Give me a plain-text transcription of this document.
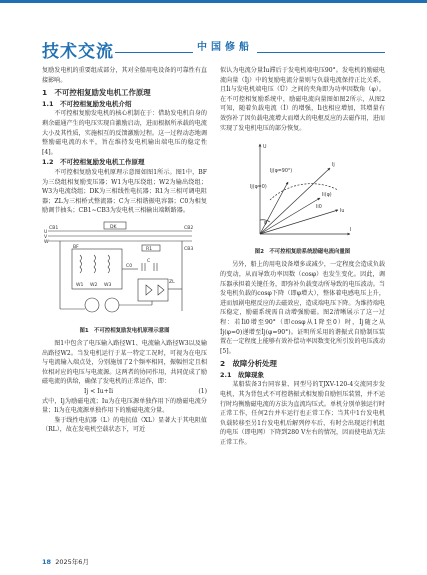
技术交流	中国修船

复励发电机的重要组成部分，其对全船用电设备的可靠性有直接影响。

1　不可控相复励发电机工作原理
1.1　不可控相复励发电机介绍

不可控相复励发电机的核心机制在于：借助发电机自身的剩余磁通产生的电压实现自激励启动，进而根据所承载的电流大小及其性质，实施相互的反馈激励过程。这一过程动态地调整励磁电流的水平，旨在维持发电机输出端电压的稳定性 [4]。

1.2　不可控相复励发电机工作原理

不可控相复励发电机原理示意图如图1所示。图1中，BF为三绕组相复励变压器；W1为电压绕组；W2为输出绕组；W3为电流绕组；DK为三相线性电抗器；R1为三相可调电阻器；ZL为三相桥式整流器；C为三相谐振电容器；C0为相复励调节抽头；CB1~CB3为发电机三相输出端断路器。

DK
R1
BF
W1 W2 W3
ZL
C
CB1	CB2
CB3
C0
U
V
W
图1　不可控相复励发电机原理示意图

图1中包含了电压输入路径W1、电流输入路径W3以及输出路径W2。当发电机运行于某一特定工况时，可视为在电压与电流输入端点处，分别施加了2个频率相同，振幅恒定且相位相对应的电压与电流源。这两者的协同作用，共同促成了励磁电流的供给，确保了发电机的正常运作，即：

Ij < Iu+Ii	(1)

式中，Ij为励磁电流；Iu为在电压源单独作用下的励磁电流分量；Ii为在电流源单独作用下的励磁电流分量。

鉴于线性电抗器（L）的电抗值（XL）显著大于其电阻值（RL），故在发电机空载状态下，可近

似认为电流分量İu滞后于发电机端电压90°。发电机的励磁电流向量（İj）中的复励电流分量则与负载电流保持正比关系，且İi与发电机端电压（Ü）之间的夹角即为功率因数角（φ）。在不可控相复励系统中，励磁电流向量图如图2所示，从图2可知，随着负载电流（İ）的增强，İi也相应增加，其增量有效弥补了因负载电流增大而增大的电枢反应的去磁作用，进而实现了发电机电压的部分恢复。

U
Ij(φ=90°)
Ij(φ=0)
Ij
Ii(φ)
Ii0
Iu
I
φ
图2　不可控相复励系统励磁电流向量图

另外，船上的用电设备增多或减少，一定程度会造成负载的变动，从而导致功率因数（cosφ）也发生变化。因此，调压器承担着关键任务，即弥补负载变动所导致的电压波动。当发电机负载的cosφ下降（即φ增大），整体着电感电压上升，进而加剧电枢反应的去磁效应，造成端电压下降。为维持端电压稳定，励磁系统需自动增强励磁。图2清晰展示了这一过程：若İi0增至90°（即cosφ从1降至0）时，İj随之从İj(φ=0)递增至İj(φ=90°)。证明所采用的谐振式自励制压装置在一定程度上能够有效补偿功率因数变化所引发的电压波动 [5]。

2　故障分析处理
2.1　故障现象

某船装备3台同容量、同型号的TJXV-120-4交流同步发电机，其为背包式不可控谐振式相复励自励恒压装置，并不运行时均衡励磁电流的方法为直流均压式。单机分别单独运行时正常工作，任何2台并车运行也正常工作；当其中1台发电机负载转移至另1台发电机后解列停车后，有时会出现运行机组的电压（即电网）下降到280 V左右的情况，因而使电站无法正常工作。

18 2025年6月
